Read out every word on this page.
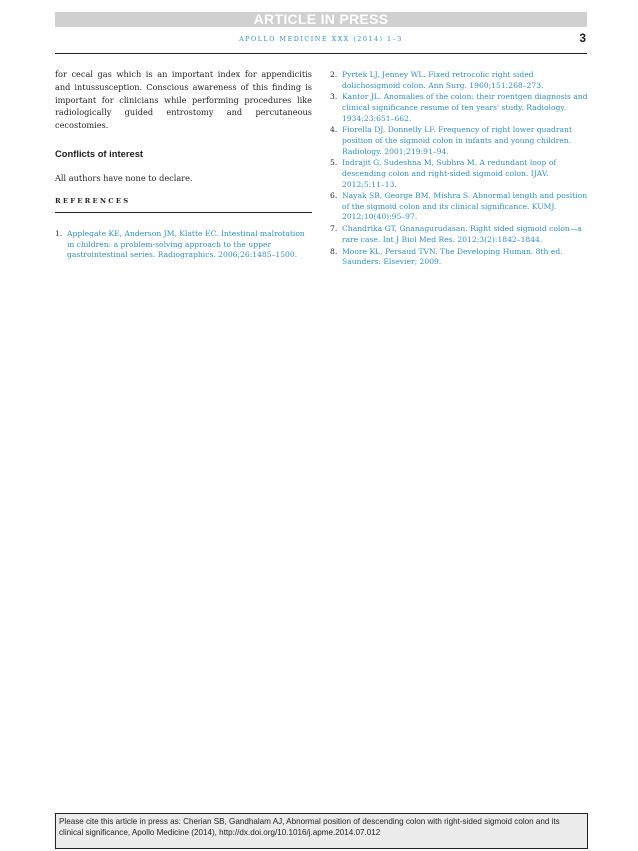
ARTICLE IN PRESS
APOLLO MEDICINE XXX (2014) 1–3	3

for cecal gas which is an important index for appendicitis and intussusception. Conscious awareness of this finding is important for clinicians while performing procedures like radiologically guided entrostomy and percutaneous cecostomies.

Conflicts of interest

All authors have none to declare.

REFERENCES
1. Applegate KE, Anderson JM, Klatte EC. Intestinal malrotation in children: a problem-solving approach to the upper gastrointestinal series. Radiographics. 2006;26:1485–1500.
2. Pyrtek LJ, Jenney WL. Fixed retrocolic right sided dolichosigmoid colon. Ann Surg. 1960;151:268–273.
3. Kantor JL. Anomalies of the colon: their roentgen diagnosis and clinical significance resume of ten years' study. Radiology. 1934;23:651–662.
4. Fiorella DJ, Donnelly LF. Frequency of right lower quadrant position of the sigmoid colon in infants and young children. Radiology. 2001;219:91–94.
5. Indrajit G, Sudeshna M, Subhra M. A redundant loop of descending colon and right-sided sigmoid colon. IJAV. 2012;5:11–13.
6. Nayak SB, George BM, Mishra S. Abnormal length and position of the sigmoid colon and its clinical significance. KUMJ. 2012;10(40):95–97.
7. Chandrika GT, Gnanagurudasan. Right sided sigmoid colon—a rare case. Int J Biol Med Res. 2012;3(2):1842–1844.
8. Moore KL, Persaud TVN. The Developing Human. 8th ed. Saunders: Elsevier; 2009.
Please cite this article in press as: Cherian SB, Gandhalam AJ, Abnormal position of descending colon with right-sided sigmoid colon and its clinical significance, Apollo Medicine (2014), http://dx.doi.org/10.1016/j.apme.2014.07.012
